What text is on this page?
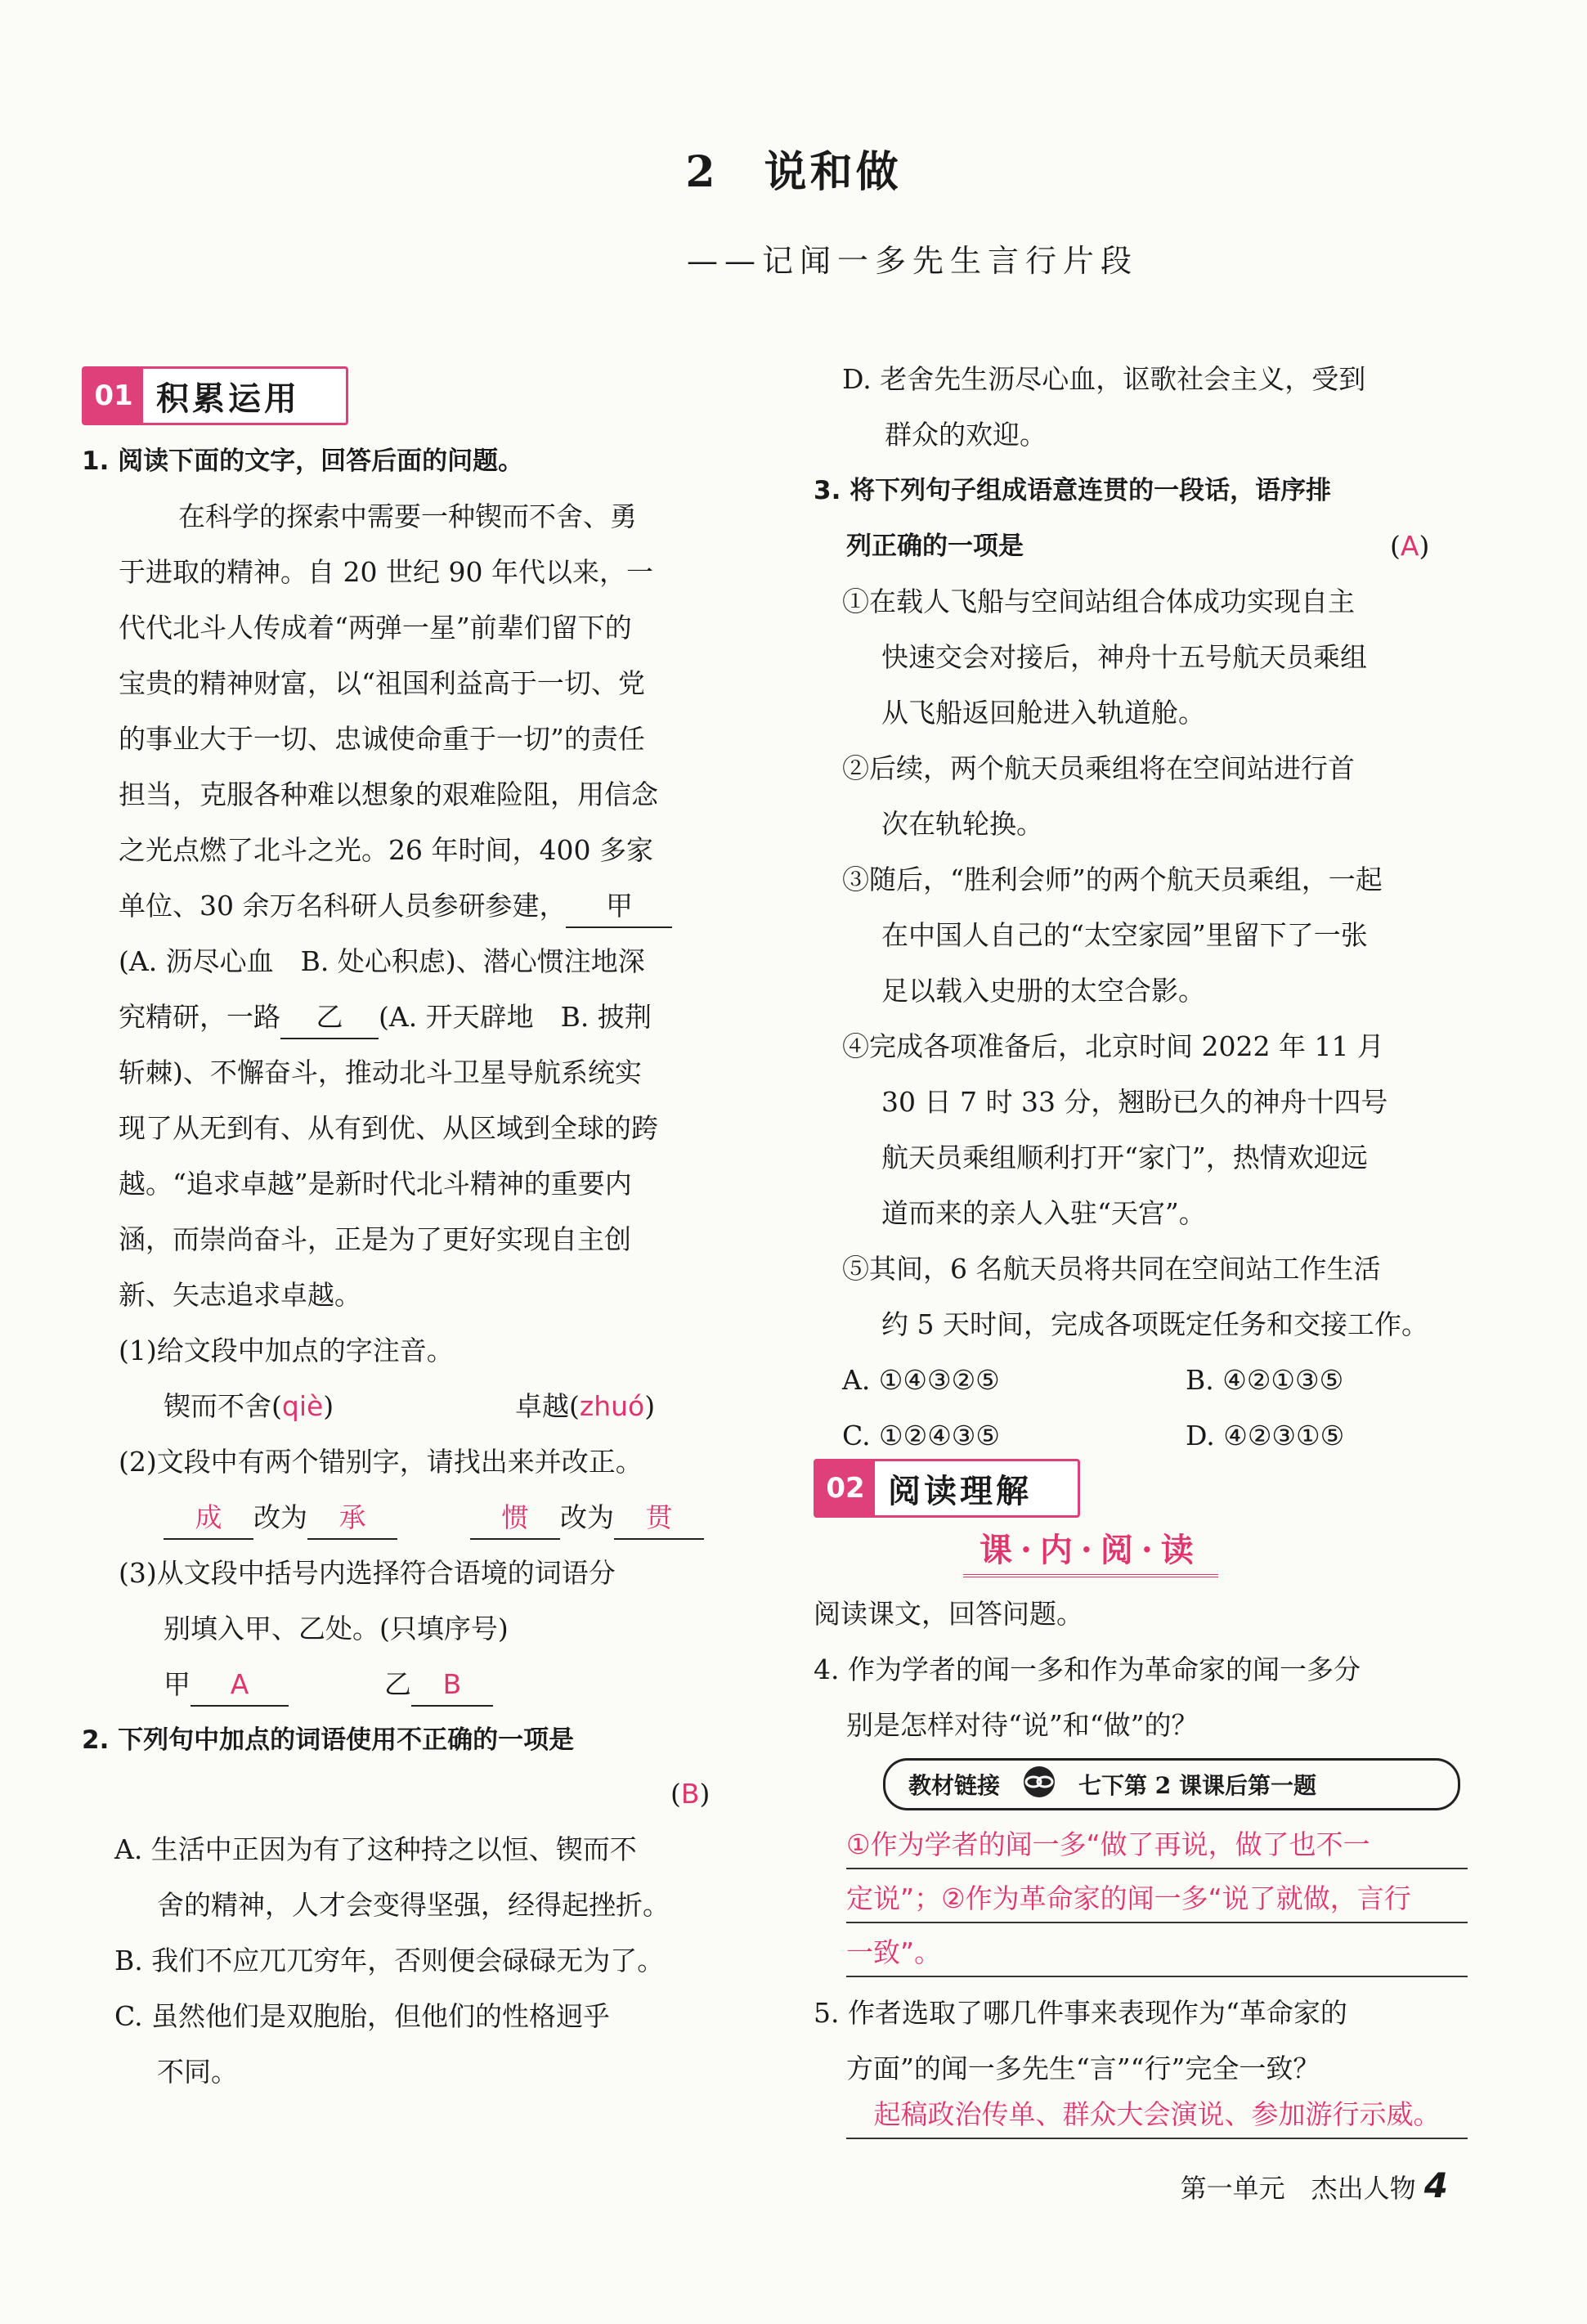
2　说和做
——记闻一多先生言行片段
01 积累运用
1. 阅读下面的文字，回答后面的问题。
在科学的探索中需要一种锲而不舍、勇
于进取的精神。自 20 世纪 90 年代以来，一
代代北斗人传成着“两弹一星”前辈们留下的
宝贵的精神财富，以“祖国利益高于一切、党
的事业大于一切、忠诚使命重于一切”的责任
担当，克服各种难以想象的艰难险阻，用信念
之光点燃了北斗之光。26 年时间，400 多家
单位、30 余万名科研人员参研参建， 甲
(A. 沥尽心血　B. 处心积虑)、潜心惯注地深
究精研，一路 乙 (A. 开天辟地　B. 披荆
斩棘)、不懈奋斗，推动北斗卫星导航系统实
现了从无到有、从有到优、从区域到全球的跨
越。“追求卓越”是新时代北斗精神的重要内
涵，而崇尚奋斗，正是为了更好实现自主创
新、矢志追求卓越。
(1)给文段中加点的字注音。
锲而不舍(qiè)	卓越(zhuó)
(2)文段中有两个错别字，请找出来并改正。
成 改为 承	惯 改为 贯
(3)从文段中括号内选择符合语境的词语分
别填入甲、乙处。(只填序号)
甲 A	乙 B
2. 下列句中加点的词语使用不正确的一项是
(B)
A. 生活中正因为有了这种持之以恒、锲而不
舍的精神，人才会变得坚强，经得起挫折。
B. 我们不应兀兀穷年，否则便会碌碌无为了。
C. 虽然他们是双胞胎，但他们的性格迥乎
不同。
D. 老舍先生沥尽心血，讴歌社会主义，受到
群众的欢迎。
3. 将下列句子组成语意连贯的一段话，语序排
列正确的一项是	(A)
①在载人飞船与空间站组合体成功实现自主
快速交会对接后，神舟十五号航天员乘组
从飞船返回舱进入轨道舱。
②后续，两个航天员乘组将在空间站进行首
次在轨轮换。
③随后，“胜利会师”的两个航天员乘组，一起
在中国人自己的“太空家园”里留下了一张
足以载入史册的太空合影。
④完成各项准备后，北京时间 2022 年 11 月
30 日 7 时 33 分，翘盼已久的神舟十四号
航天员乘组顺利打开“家门”，热情欢迎远
道而来的亲人入驻“天宫”。
⑤其间，6 名航天员将共同在空间站工作生活
约 5 天时间，完成各项既定任务和交接工作。
A. ①④③②⑤	B. ④②①③⑤
C. ①②④③⑤	D. ④②③①⑤
02 阅读理解
课·内·阅·读
阅读课文，回答问题。
4. 作为学者的闻一多和作为革命家的闻一多分
别是怎样对待“说”和“做”的？
教材链接	七下第 2 课课后第一题
①作为学者的闻一多“做了再说，做了也不一
定说”；②作为革命家的闻一多“说了就做，言行
一致”。
5. 作者选取了哪几件事来表现作为“革命家的
方面”的闻一多先生“言”“行”完全一致？
起稿政治传单、群众大会演说、参加游行示威。
第一单元　杰出人物 4
